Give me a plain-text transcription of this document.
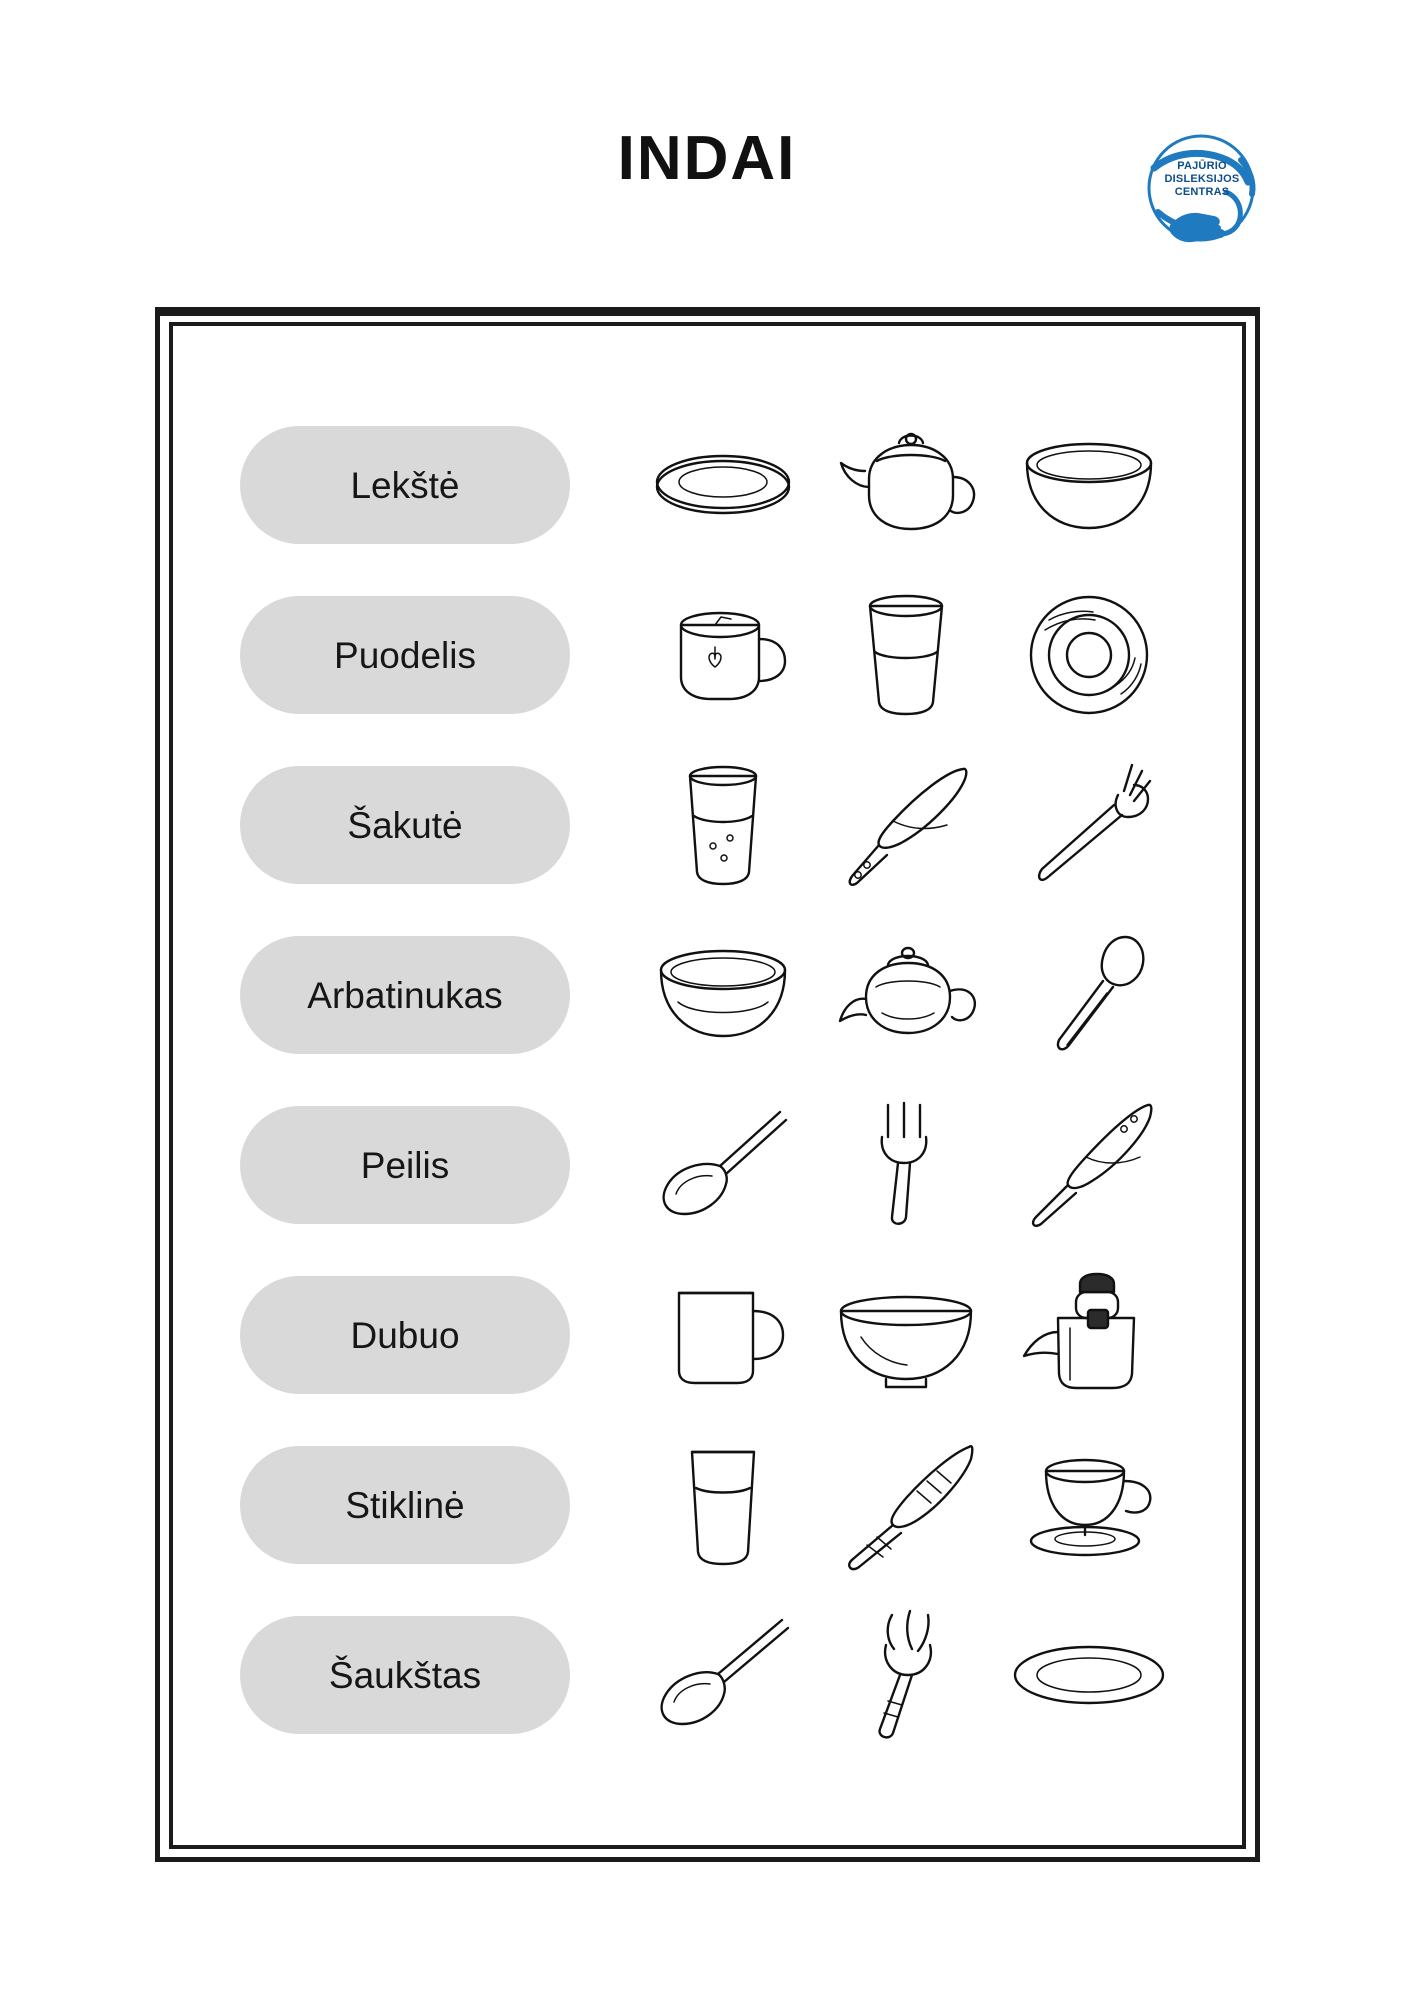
INDAI	PAJŪRIO
DISLEKSIJOS
CENTRAS
Lekštė
Puodelis
Šakutė
Arbatinukas
Peilis
Dubuo
Stiklinė
Šaukštas
